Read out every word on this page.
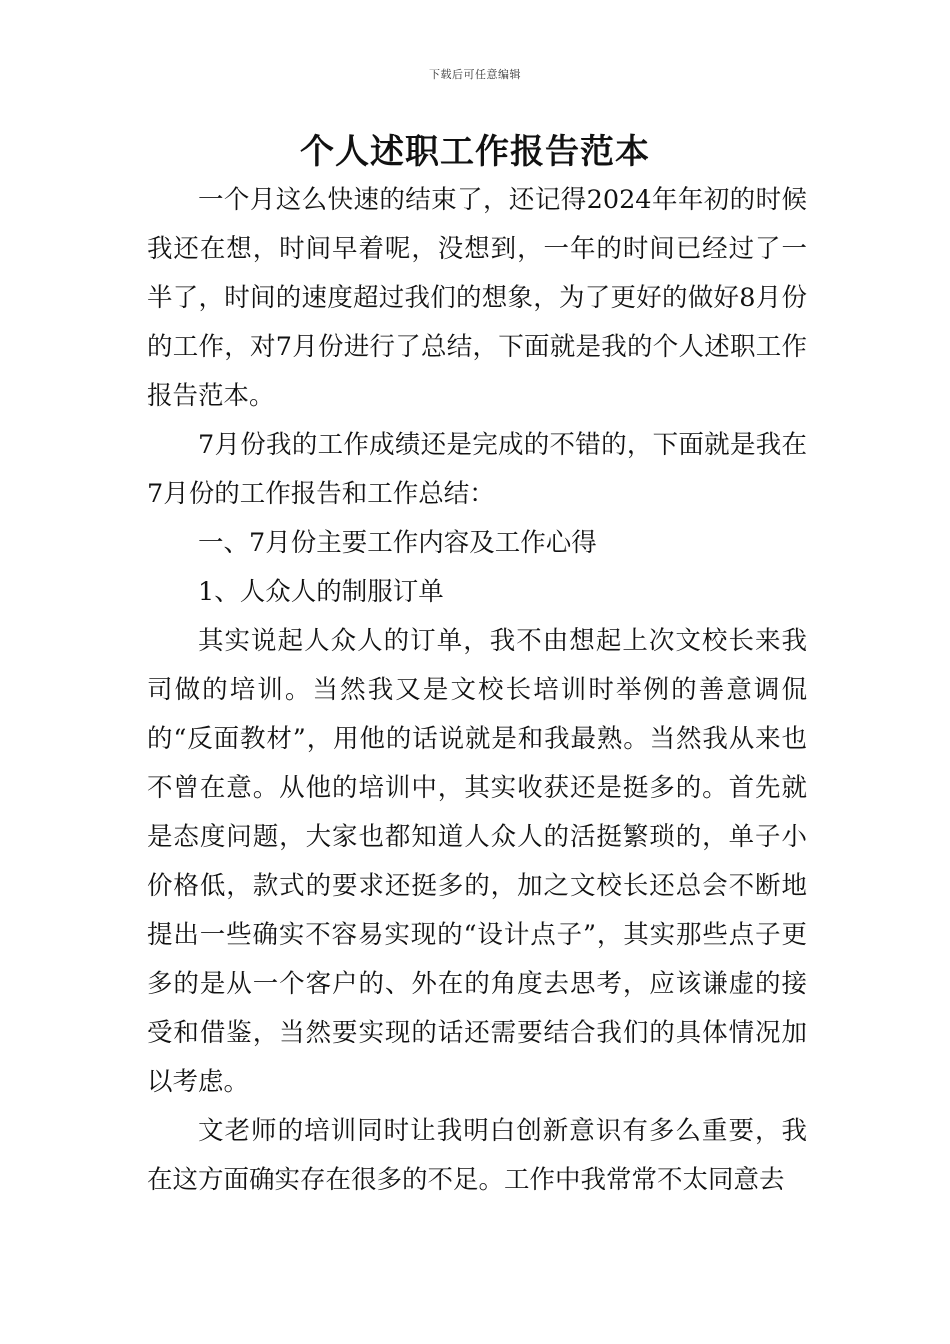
下载后可任意编辑
个人述职工作报告范本

一个月这么快速的结束了，还记得2024年年初的时候我还在想，时间早着呢，没想到，一年的时间已经过了一半了，时间的速度超过我们的想象，为了更好的做好8月份的工作，对7月份进行了总结，下面就是我的个人述职工作报告范本。

7月份我的工作成绩还是完成的不错的，下面就是我在7月份的工作报告和工作总结：

一、7月份主要工作内容及工作心得

1、人众人的制服订单

其实说起人众人的订单，我不由想起上次文校长来我司做的培训。当然我又是文校长培训时举例的善意调侃的“反面教材”，用他的话说就是和我最熟。当然我从来也不曾在意。从他的培训中，其实收获还是挺多的。首先就是态度问题，大家也都知道人众人的活挺繁琐的，单子小价格低，款式的要求还挺多的，加之文校长还总会不断地提出一些确实不容易实现的“设计点子”，其实那些点子更多的是从一个客户的、外在的角度去思考，应该谦虚的接受和借鉴，当然要实现的话还需要结合我们的具体情况加以考虑。

文老师的培训同时让我明白创新意识有多么重要，我在这方面确实存在很多的不足。工作中我常常不太同意去
